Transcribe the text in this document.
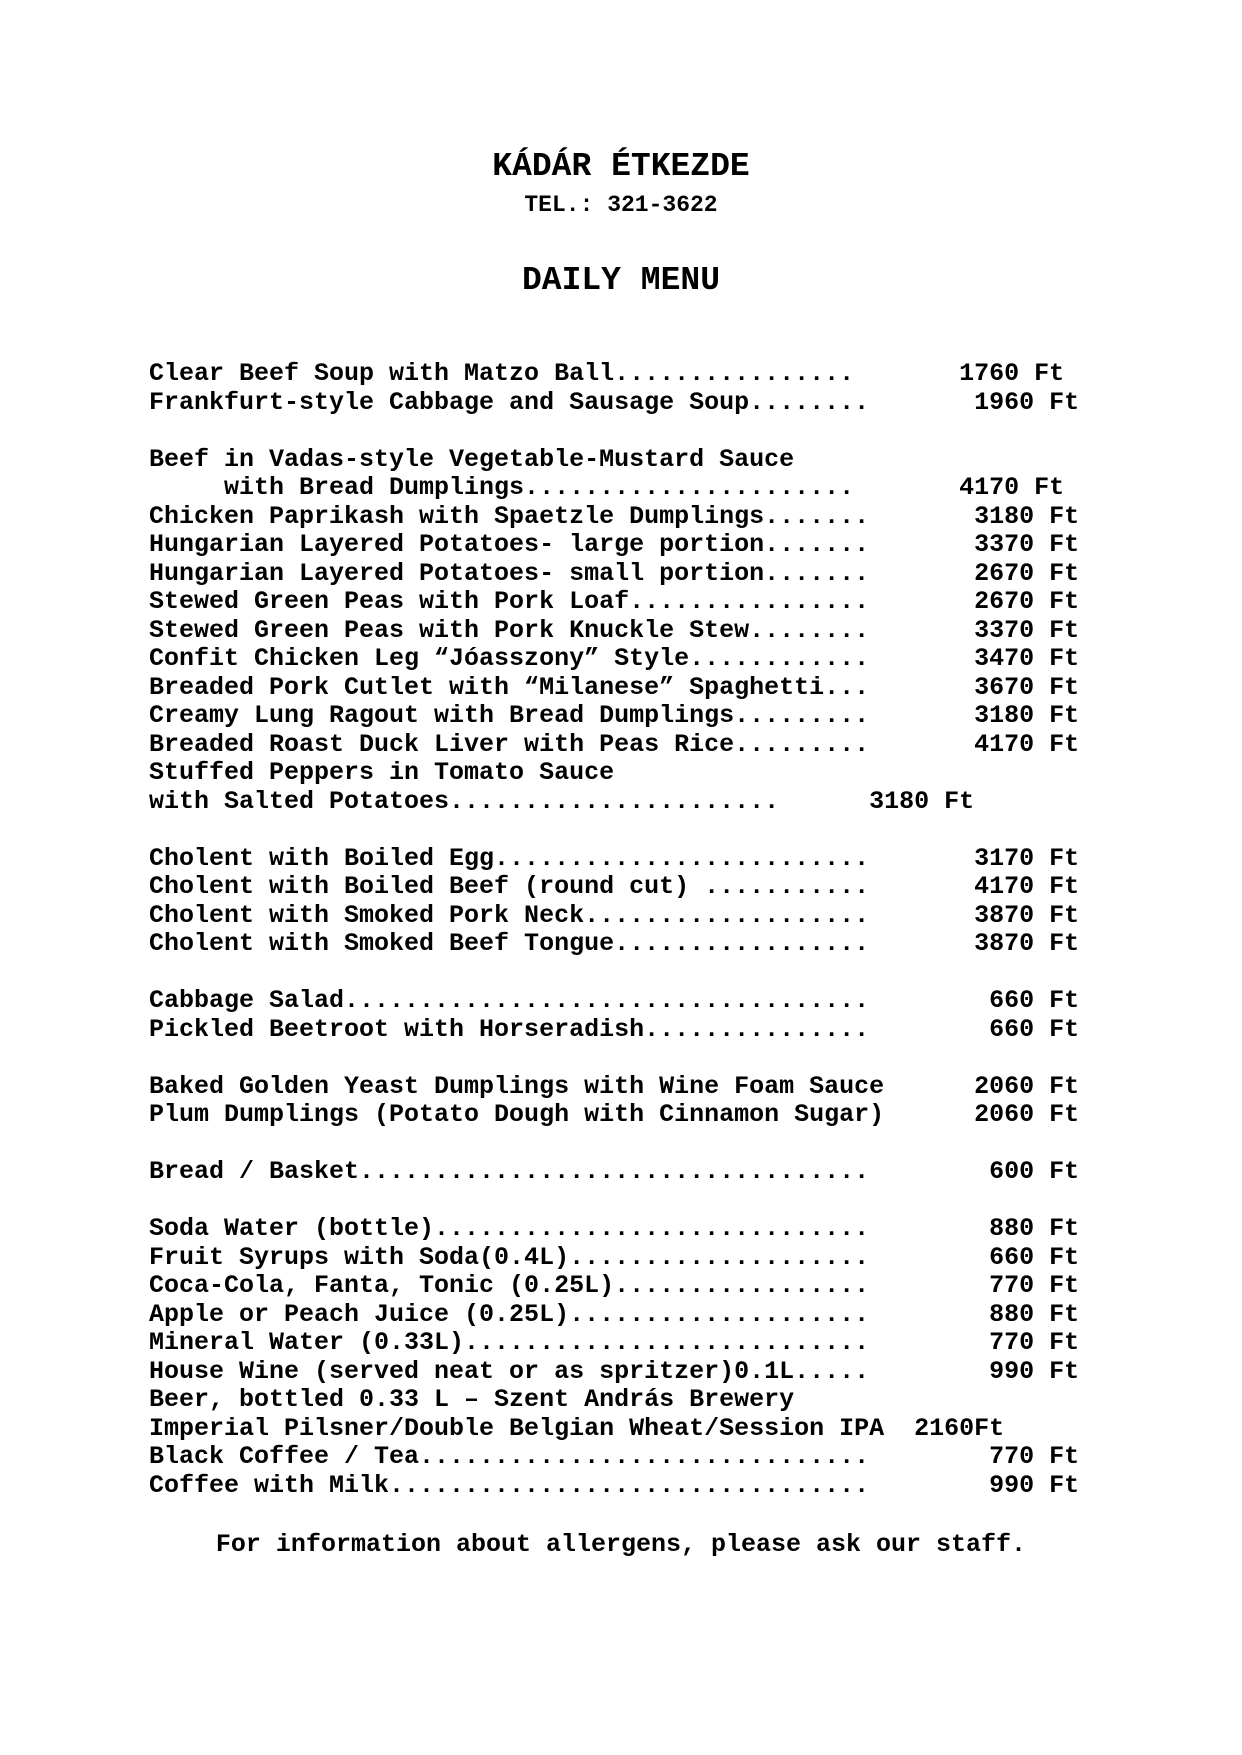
KÁDÁR ÉTKEZDE
TEL.: 321-3622
DAILY MENU
Clear Beef Soup with Matzo Ball................       1760 Ft
Frankfurt-style Cabbage and Sausage Soup........       1960 Ft
Beef in Vadas-style Vegetable-Mustard Sauce
with Bread Dumplings......................       4170 Ft
Chicken Paprikash with Spaetzle Dumplings.......       3180 Ft
Hungarian Layered Potatoes- large portion.......       3370 Ft
Hungarian Layered Potatoes- small portion.......       2670 Ft
Stewed Green Peas with Pork Loaf................       2670 Ft
Stewed Green Peas with Pork Knuckle Stew........       3370 Ft
Confit Chicken Leg “Jóasszony” Style............       3470 Ft
Breaded Pork Cutlet with “Milanese” Spaghetti...       3670 Ft
Creamy Lung Ragout with Bread Dumplings.........       3180 Ft
Breaded Roast Duck Liver with Peas Rice.........       4170 Ft
Stuffed Peppers in Tomato Sauce
with Salted Potatoes......................      3180 Ft
Cholent with Boiled Egg.........................       3170 Ft
Cholent with Boiled Beef (round cut) ...........       4170 Ft
Cholent with Smoked Pork Neck...................       3870 Ft
Cholent with Smoked Beef Tongue.................       3870 Ft
Cabbage Salad...................................        660 Ft
Pickled Beetroot with Horseradish...............        660 Ft
Baked Golden Yeast Dumplings with Wine Foam Sauce      2060 Ft
Plum Dumplings (Potato Dough with Cinnamon Sugar)      2060 Ft
Bread / Basket..................................        600 Ft
Soda Water (bottle).............................        880 Ft
Fruit Syrups with Soda(0.4L)....................        660 Ft
Coca-Cola, Fanta, Tonic (0.25L).................        770 Ft
Apple or Peach Juice (0.25L)....................        880 Ft
Mineral Water (0.33L)...........................        770 Ft
House Wine (served neat or as spritzer)0.1L.....        990 Ft
Beer, bottled 0.33 L – Szent András Brewery
Imperial Pilsner/Double Belgian Wheat/Session IPA  2160Ft
Black Coffee / Tea..............................        770 Ft
Coffee with Milk................................        990 Ft
For information about allergens, please ask our staff.
